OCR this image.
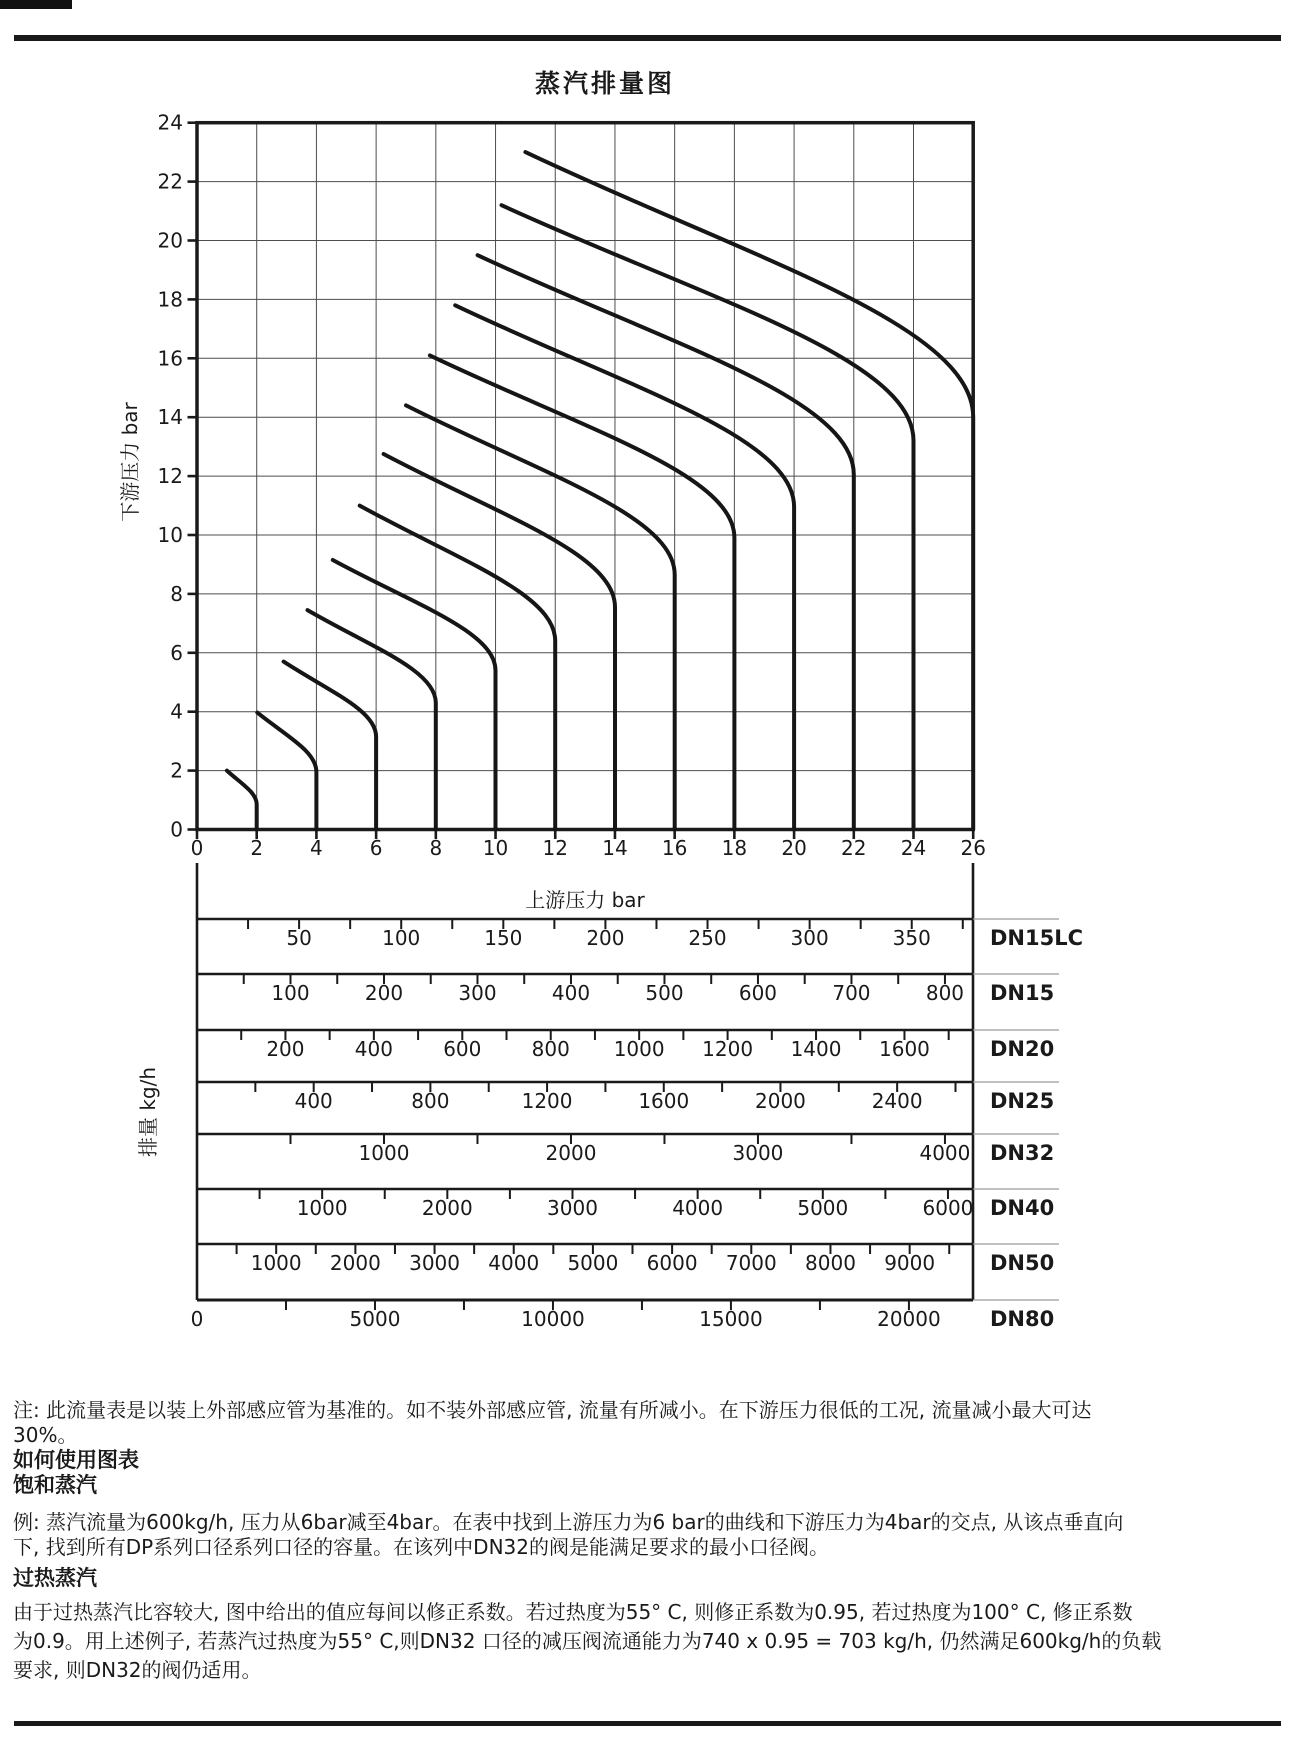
蒸汽排量图
0 2 4 6 8 10 12 14 16 18 20 22 24 26
0
2
4
6
8
10
12
14
16
18
20
22
24
下游压力 bar
上游压力 bar
50	100	150	200	250	300	350	DN15LC
100	200	300	400	500	600	700	800 DN15
200	400	600	800 1000 1200 1400 1600	DN20
400	800	1200	1600	2000	2400	DN25
1000	2000	3000	4000 DN32
1000	2000	3000	4000	5000	6000 DN40
1000 2000 3000 4000 5000 6000 7000 8000 9000	DN50
0	5000	10000	15000	20000 DN80
排量 kg/h
注: 此流量表是以装上外部感应管为基准的。如不装外部感应管, 流量有所减小。在下游压力很低的工况, 流量减小最大可达
30%。
如何使用图表
饱和蒸汽
例: 蒸汽流量为600kg/h, 压力从6bar减至4bar。在表中找到上游压力为6 bar的曲线和下游压力为4bar的交点, 从该点垂直向
下, 找到所有DP系列口径系列口径的容量。在该列中DN32的阀是能满足要求的最小口径阀。
过热蒸汽
由于过热蒸汽比容较大, 图中给出的值应每间以修正系数。若过热度为55° C, 则修正系数为0.95, 若过热度为100° C, 修正系数
为0.9。用上述例子, 若蒸汽过热度为55° C,则DN32 口径的减压阀流通能力为740 x 0.95 = 703 kg/h, 仍然满足600kg/h的负载
要求, 则DN32的阀仍适用。
